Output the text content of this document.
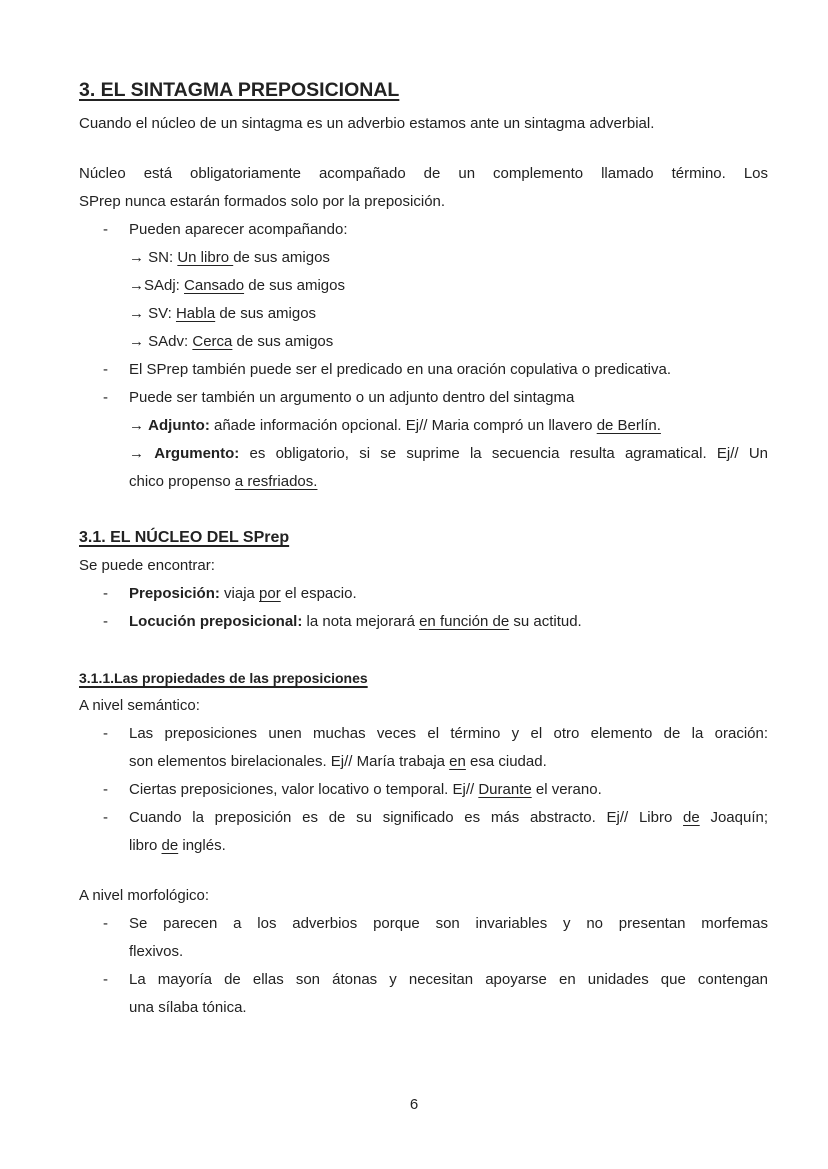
3. EL SINTAGMA PREPOSICIONAL
Cuando el núcleo de un sintagma es un adverbio estamos ante un sintagma adverbial.
Núcleo está obligatoriamente acompañado de un complemento llamado término. Los
SPrep nunca estarán formados solo por la preposición.
- Pueden aparecer acompañando:
→ SN: Un libro de sus amigos
→SAdj: Cansado de sus amigos
→ SV: Habla de sus amigos
→ SAdv: Cerca de sus amigos
- El SPrep también puede ser el predicado en una oración copulativa o predicativa.
- Puede ser también un argumento o un adjunto dentro del sintagma
→ Adjunto: añade información opcional. Ej// Maria compró un llavero de Berlín.
→ Argumento: es obligatorio, si se suprime la secuencia resulta agramatical. Ej// Un
chico propenso a resfriados.
3.1. EL NÚCLEO DEL SPrep
Se puede encontrar:
- Preposición: viaja por el espacio.
- Locución preposicional: la nota mejorará en función de su actitud.
3.1.1.Las propiedades de las preposiciones
A nivel semántico:
- Las preposiciones unen muchas veces el término y el otro elemento de la oración:
son elementos birelacionales. Ej// María trabaja en esa ciudad.
- Ciertas preposiciones, valor locativo o temporal. Ej// Durante el verano.
- Cuando la preposición es de su significado es más abstracto. Ej// Libro de Joaquín;
libro de inglés.
A nivel morfológico:
- Se parecen a los adverbios porque son invariables y no presentan morfemas
flexivos.
- La mayoría de ellas son átonas y necesitan apoyarse en unidades que contengan
una sílaba tónica.
6
